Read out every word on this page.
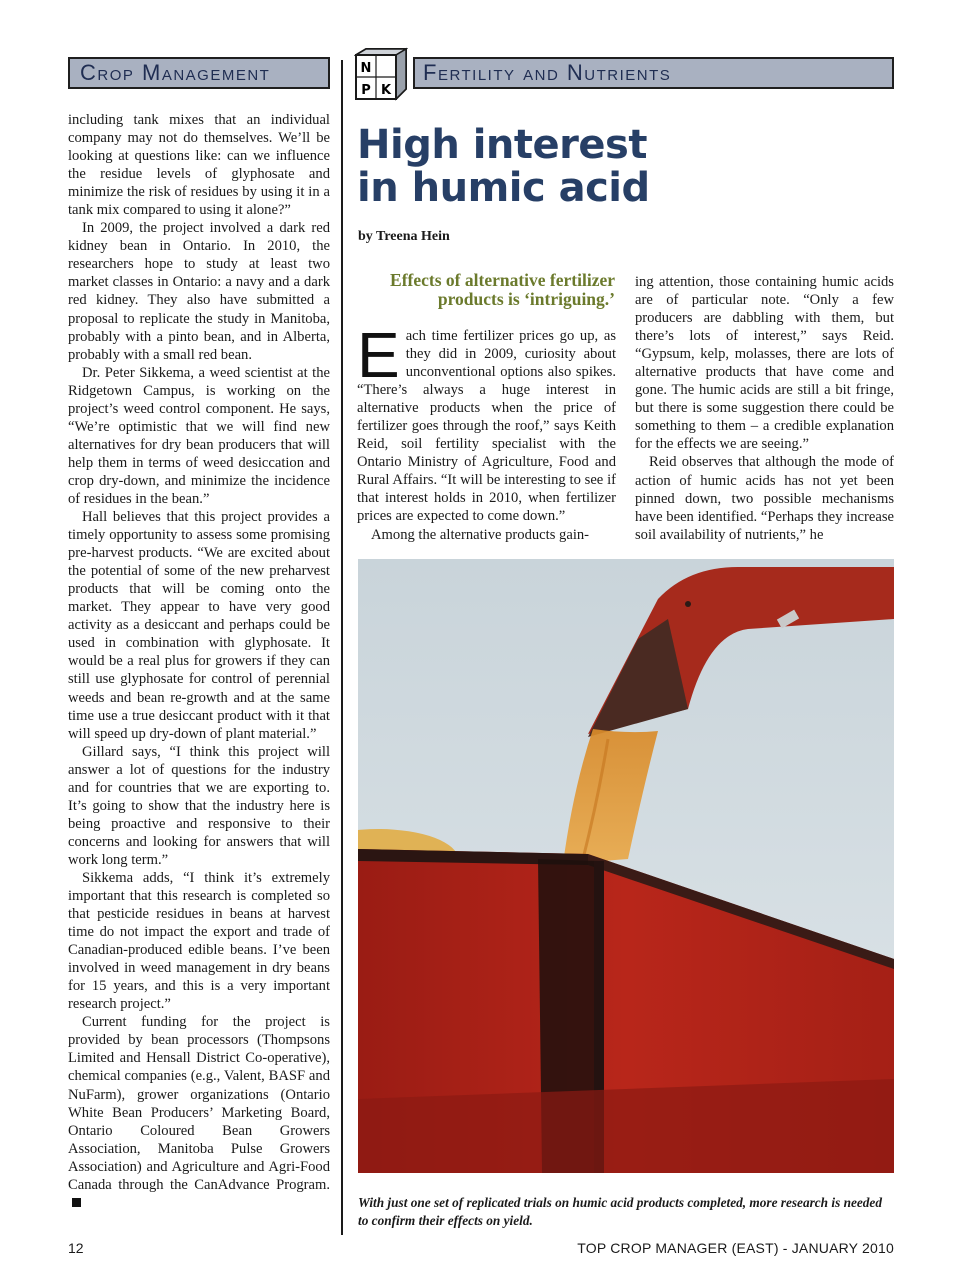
Crop Management	N
P K
Fertility and Nutrients

including tank mixes that an individual company may not do themselves. We’ll be looking at questions like: can we influence the residue levels of glyphosate and minimize the risk of residues by using it in a tank mix compared to using it alone?”

In 2009, the project involved a dark red kidney bean in Ontario. In 2010, the researchers hope to study at least two market classes in Ontario: a navy and a dark red kidney. They also have submitted a proposal to replicate the study in Manitoba, probably with a pinto bean, and in Alberta, probably with a small red bean.

Dr. Peter Sikkema, a weed scientist at the Ridgetown Campus, is working on the project’s weed control component. He says, “We’re optimistic that we will find new alternatives for dry bean producers that will help them in terms of weed desiccation and crop dry-down, and minimize the incidence of residues in the bean.”

Hall believes that this project provides a timely opportunity to assess some promising pre-harvest products. “We are excited about the potential of some of the new preharvest products that will be coming onto the market. They appear to have very good activity as a desiccant and perhaps could be used in combination with glyphosate. It would be a real plus for growers if they can still use glyphosate for control of perennial weeds and bean re-growth and at the same time use a true desiccant product with it that will speed up dry-down of plant material.”

Gillard says, “I think this project will answer a lot of questions for the industry and for countries that we are exporting to. It’s going to show that the industry here is being proactive and responsive to their concerns and looking for answers that will work long term.”

Sikkema adds, “I think it’s extremely important that this research is completed so that pesticide residues in beans at harvest time do not impact the export and trade of Canadian-produced edible beans. I’ve been involved in weed management in dry beans for 15 years, and this is a very important research project.”

Current funding for the project is provided by bean processors (Thompsons Limited and Hensall District Co-operative), chemical companies (e.g., Valent, BASF and NuFarm), grower organizations (Ontario White Bean Producers’ Marketing Board, Ontario Coloured Bean Growers Association, Manitoba Pulse Growers Association) and Agriculture and Agri-Food Canada through the CanAdvance Program.

High interest
in humic acid
by Treena Hein
Effects of alternative fertilizer products is ‘intriguing.’

Each time fertilizer prices go up, as they did in 2009, curiosity about unconventional options also spikes. “There’s always a huge interest in alternative products when the price of fertilizer goes through the roof,” says Keith Reid, soil fertility specialist with the Ontario Ministry of Agriculture, Food and Rural Affairs. “It will be interesting to see if that interest holds in 2010, when fertilizer prices are expected to come down.”

Among the alternative products gain-

ing attention, those containing humic acids are of particular note. “Only a few producers are dabbling with them, but there’s lots of interest,” says Reid. “Gypsum, kelp, molasses, there are lots of alternative products that have come and gone. The humic acids are still a bit fringe, but there is some suggestion there could be something to them – a credible explanation for the effects we are seeing.”

Reid observes that although the mode of action of humic acids has not yet been pinned down, two possible mechanisms have been identified. “Perhaps they increase soil availability of nutrients,” he

With just one set of replicated trials on humic acid products completed, more research is needed to confirm their effects on yield.
12	TOP CROP MANAGER (EAST) - JANUARY 2010
